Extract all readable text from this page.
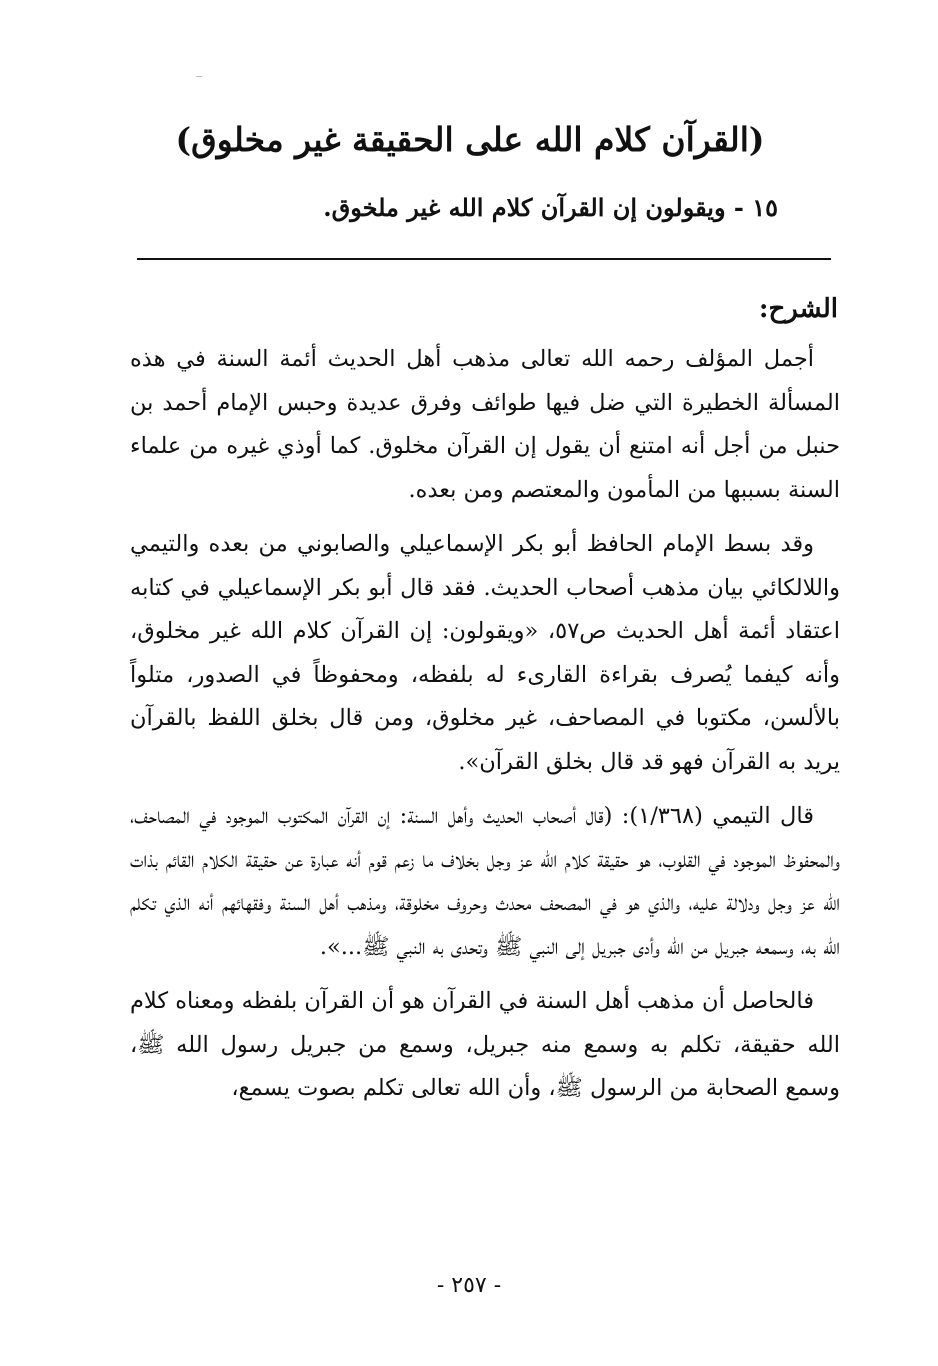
(القرآن كلام الله على الحقيقة غير مخلوق)
١٥ - ويقولون إن القرآن كلام الله غير ملخوق.
الشرح:

أجمل المؤلف رحمه الله تعالى مذهب أهل الحديث أئمة السنة في هذه المسألة الخطيرة التي ضل فيها طوائف وفرق عديدة وحبس الإمام أحمد بن حنبل من أجل أنه امتنع أن يقول إن القرآن مخلوق. كما أوذي غيره من علماء السنة بسببها من المأمون والمعتصم ومن بعده.

وقد بسط الإمام الحافظ أبو بكر الإسماعيلي والصابوني من بعده والتيمي واللالكائي بيان مذهب أصحاب الحديث. فقد قال أبو بكر الإسماعيلي في كتابه اعتقاد أئمة أهل الحديث ص٥٧، «ويقولون: إن القرآن كلام الله غير مخلوق، وأنه كيفما يُصرف بقراءة القارىء له بلفظه، ومحفوظاً في الصدور، متلواً بالألسن، مكتوبا في المصاحف، غير مخلوق، ومن قال بخلق اللفظ بالقرآن يريد به القرآن فهو قد قال بخلق القرآن».

قال التيمي (١/٣٦٨): (قال أصحاب الحديث وأهل السنة: إن القرآن المكتوب الموجود في المصاحف، والمحفوظ الموجود في القلوب، هو حقيقة كلام الله عز وجل بخلاف ما زعم قوم أنه عبارة عن حقيقة الكلام القائم بذات الله عز وجل ودلالة عليه، والذي هو في المصحف محدث وحروف مخلوقة، ومذهب أهل السنة وفقهائهم أنه الذي تكلم الله به، وسمعه جبريل من الله وأدى جبريل إلى النبي ﷺ وتحدى به النبي ﷺ...».

فالحاصل أن مذهب أهل السنة في القرآن هو أن القرآن بلفظه ومعناه كلام الله حقيقة، تكلم به وسمع منه جبريل، وسمع من جبريل رسول الله ﷺ، وسمع الصحابة من الرسول ﷺ، وأن الله تعالى تكلم بصوت يسمع،

- ٢٥٧ -
